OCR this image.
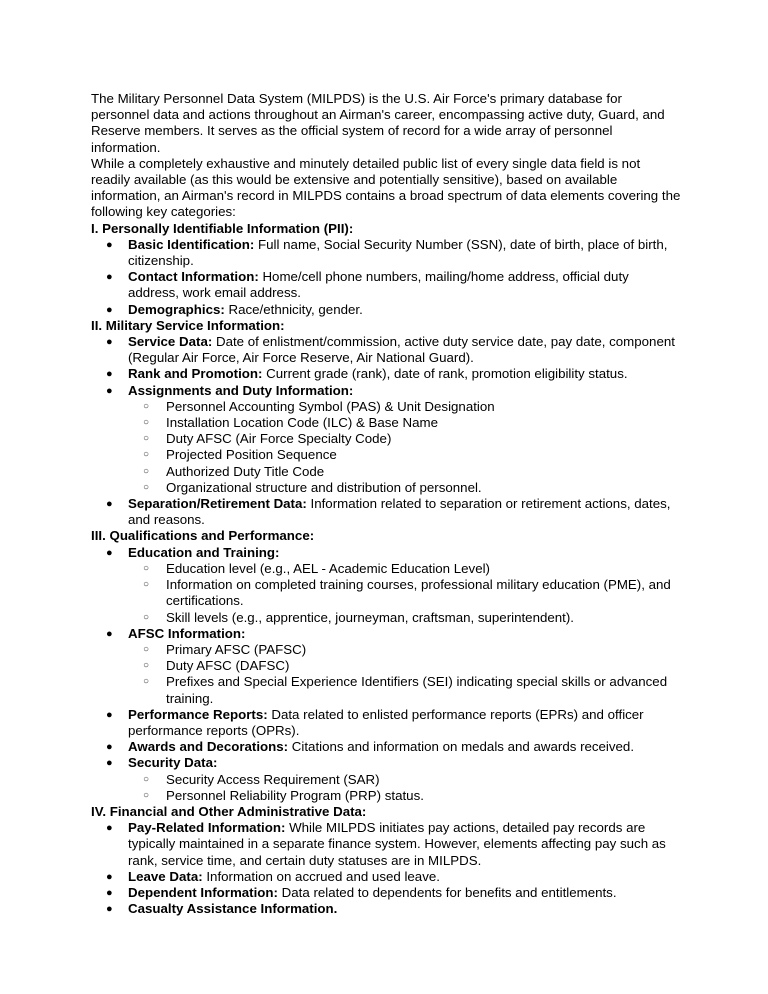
The Military Personnel Data System (MILPDS) is the U.S. Air Force's primary database for personnel data and actions throughout an Airman's career, encompassing active duty, Guard, and Reserve members. It serves as the official system of record for a wide array of personnel information.

While a completely exhaustive and minutely detailed public list of every single data field is not readily available (as this would be extensive and potentially sensitive), based on available information, an Airman's record in MILPDS contains a broad spectrum of data elements covering the following key categories:

I. Personally Identifiable Information (PII):

● Basic Identification: Full name, Social Security Number (SSN), date of birth, place of birth, citizenship.
● Contact Information: Home/cell phone numbers, mailing/home address, official duty address, work email address.
● Demographics: Race/ethnicity, gender.

II. Military Service Information:

● Service Data: Date of enlistment/commission, active duty service date, pay date, component (Regular Air Force, Air Force Reserve, Air National Guard).
● Rank and Promotion: Current grade (rank), date of rank, promotion eligibility status.
● Assignments and Duty Information:
○ Personnel Accounting Symbol (PAS) & Unit Designation
○ Installation Location Code (ILC) & Base Name
○ Duty AFSC (Air Force Specialty Code)
○ Projected Position Sequence
○ Authorized Duty Title Code
○ Organizational structure and distribution of personnel.
● Separation/Retirement Data: Information related to separation or retirement actions, dates, and reasons.

III. Qualifications and Performance:

● Education and Training:
○ Education level (e.g., AEL - Academic Education Level)
○ Information on completed training courses, professional military education (PME), and certifications.
○ Skill levels (e.g., apprentice, journeyman, craftsman, superintendent).
● AFSC Information:
○ Primary AFSC (PAFSC)
○ Duty AFSC (DAFSC)
○ Prefixes and Special Experience Identifiers (SEI) indicating special skills or advanced training.
● Performance Reports: Data related to enlisted performance reports (EPRs) and officer performance reports (OPRs).
● Awards and Decorations: Citations and information on medals and awards received.
● Security Data:
○ Security Access Requirement (SAR)
○ Personnel Reliability Program (PRP) status.

IV. Financial and Other Administrative Data:

● Pay-Related Information: While MILPDS initiates pay actions, detailed pay records are typically maintained in a separate finance system. However, elements affecting pay such as rank, service time, and certain duty statuses are in MILPDS.
● Leave Data: Information on accrued and used leave.
● Dependent Information: Data related to dependents for benefits and entitlements.
● Casualty Assistance Information.
